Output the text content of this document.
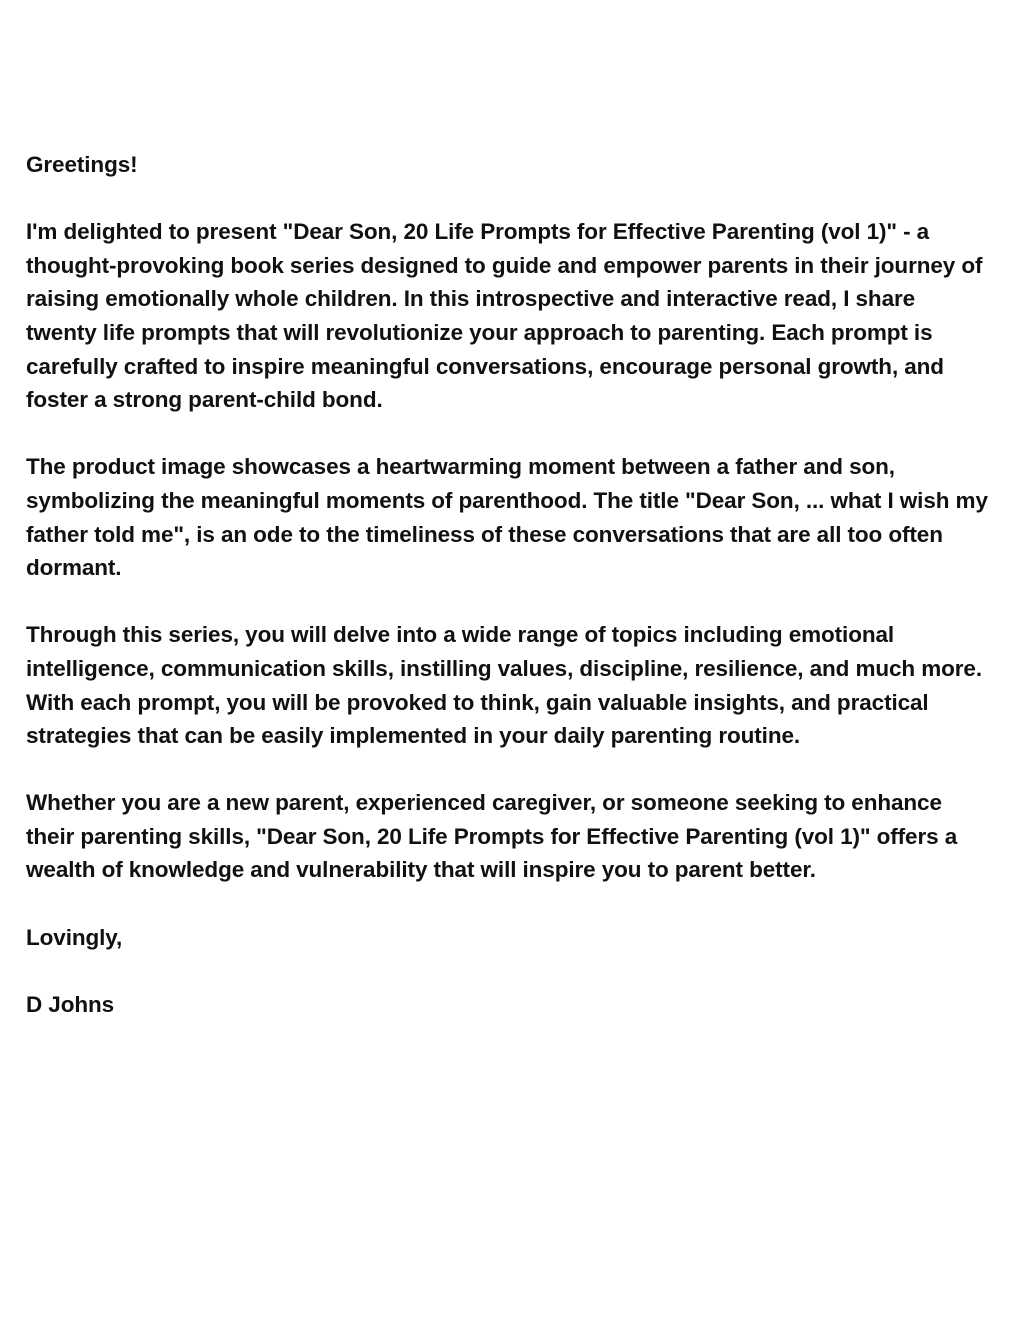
Greetings!

I'm delighted to present "Dear Son, 20 Life Prompts for Effective Parenting (vol 1)" - a thought-provoking book series designed to guide and empower parents in their journey of raising emotionally whole children. In this introspective and interactive read, I share twenty life prompts that will revolutionize your approach to parenting. Each prompt is carefully crafted to inspire meaningful conversations, encourage personal growth, and foster a strong parent-child bond.

The product image showcases a heartwarming moment between a father and son, symbolizing the meaningful moments of parenthood. The title "Dear Son, ... what I wish my father told me", is an ode to the timeliness of these conversations that are all too often dormant.

Through this series, you will delve into a wide range of topics including emotional intelligence, communication skills, instilling values, discipline, resilience, and much more. With each prompt, you will be provoked to think, gain valuable insights, and practical strategies that can be easily implemented in your daily parenting routine.

Whether you are a new parent, experienced caregiver, or someone seeking to enhance their parenting skills, "Dear Son, 20 Life Prompts for Effective Parenting (vol 1)" offers a wealth of knowledge and vulnerability that will inspire you to parent better.

Lovingly,

D Johns
